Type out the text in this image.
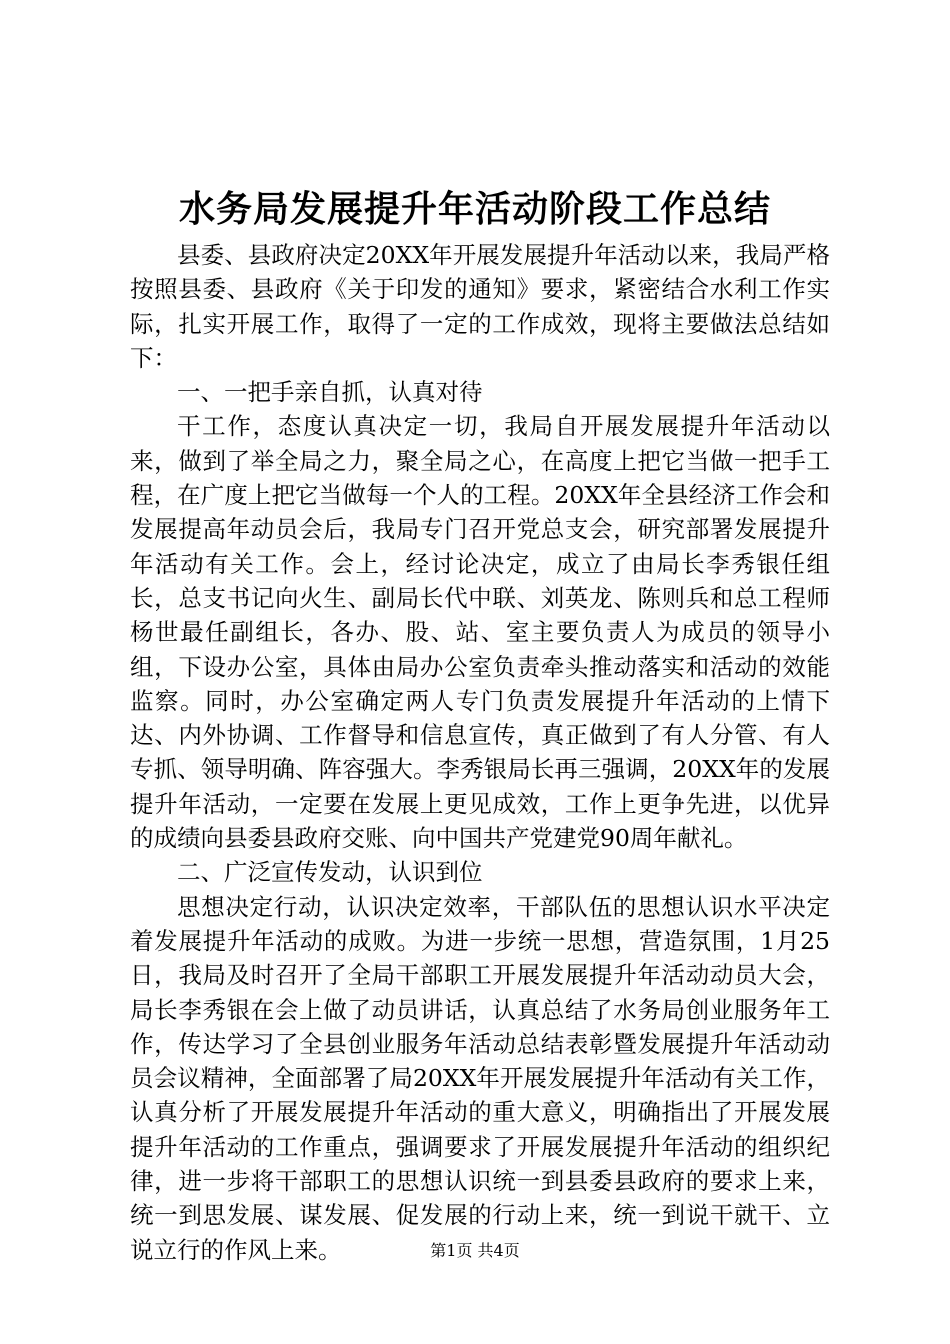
水务局发展提升年活动阶段工作总结

县委、县政府决定20XX年开展发展提升年活动以来，我局严格按照县委、县政府《关于印发的通知》要求，紧密结合水利工作实际，扎实开展工作，取得了一定的工作成效，现将主要做法总结如下：

一、一把手亲自抓，认真对待

干工作，态度认真决定一切，我局自开展发展提升年活动以来，做到了举全局之力，聚全局之心，在高度上把它当做一把手工程，在广度上把它当做每一个人的工程。20XX年全县经济工作会和发展提高年动员会后，我局专门召开党总支会，研究部署发展提升年活动有关工作。会上，经讨论决定，成立了由局长李秀银任组长，总支书记向火生、副局长代中联、刘英龙、陈则兵和总工程师杨世最任副组长，各办、股、站、室主要负责人为成员的领导小组，下设办公室，具体由局办公室负责牵头推动落实和活动的效能监察。同时，办公室确定两人专门负责发展提升年活动的上情下达、内外协调、工作督导和信息宣传，真正做到了有人分管、有人专抓、领导明确、阵容强大。李秀银局长再三强调，20XX年的发展提升年活动，一定要在发展上更见成效，工作上更争先进，以优异的成绩向县委县政府交账、向中国共产党建党90周年献礼。

二、广泛宣传发动，认识到位

思想决定行动，认识决定效率，干部队伍的思想认识水平决定着发展提升年活动的成败。为进一步统一思想，营造氛围，1月25日，我局及时召开了全局干部职工开展发展提升年活动动员大会，局长李秀银在会上做了动员讲话，认真总结了水务局创业服务年工作，传达学习了全县创业服务年活动总结表彰暨发展提升年活动动员会议精神，全面部署了局20XX年开展发展提升年活动有关工作，认真分析了开展发展提升年活动的重大意义，明确指出了开展发展提升年活动的工作重点，强调要求了开展发展提升年活动的组织纪律，进一步将干部职工的思想认识统一到县委县政府的要求上来，统一到思发展、谋发展、促发展的行动上来，统一到说干就干、立说立行的作风上来。	第1页 共4页
